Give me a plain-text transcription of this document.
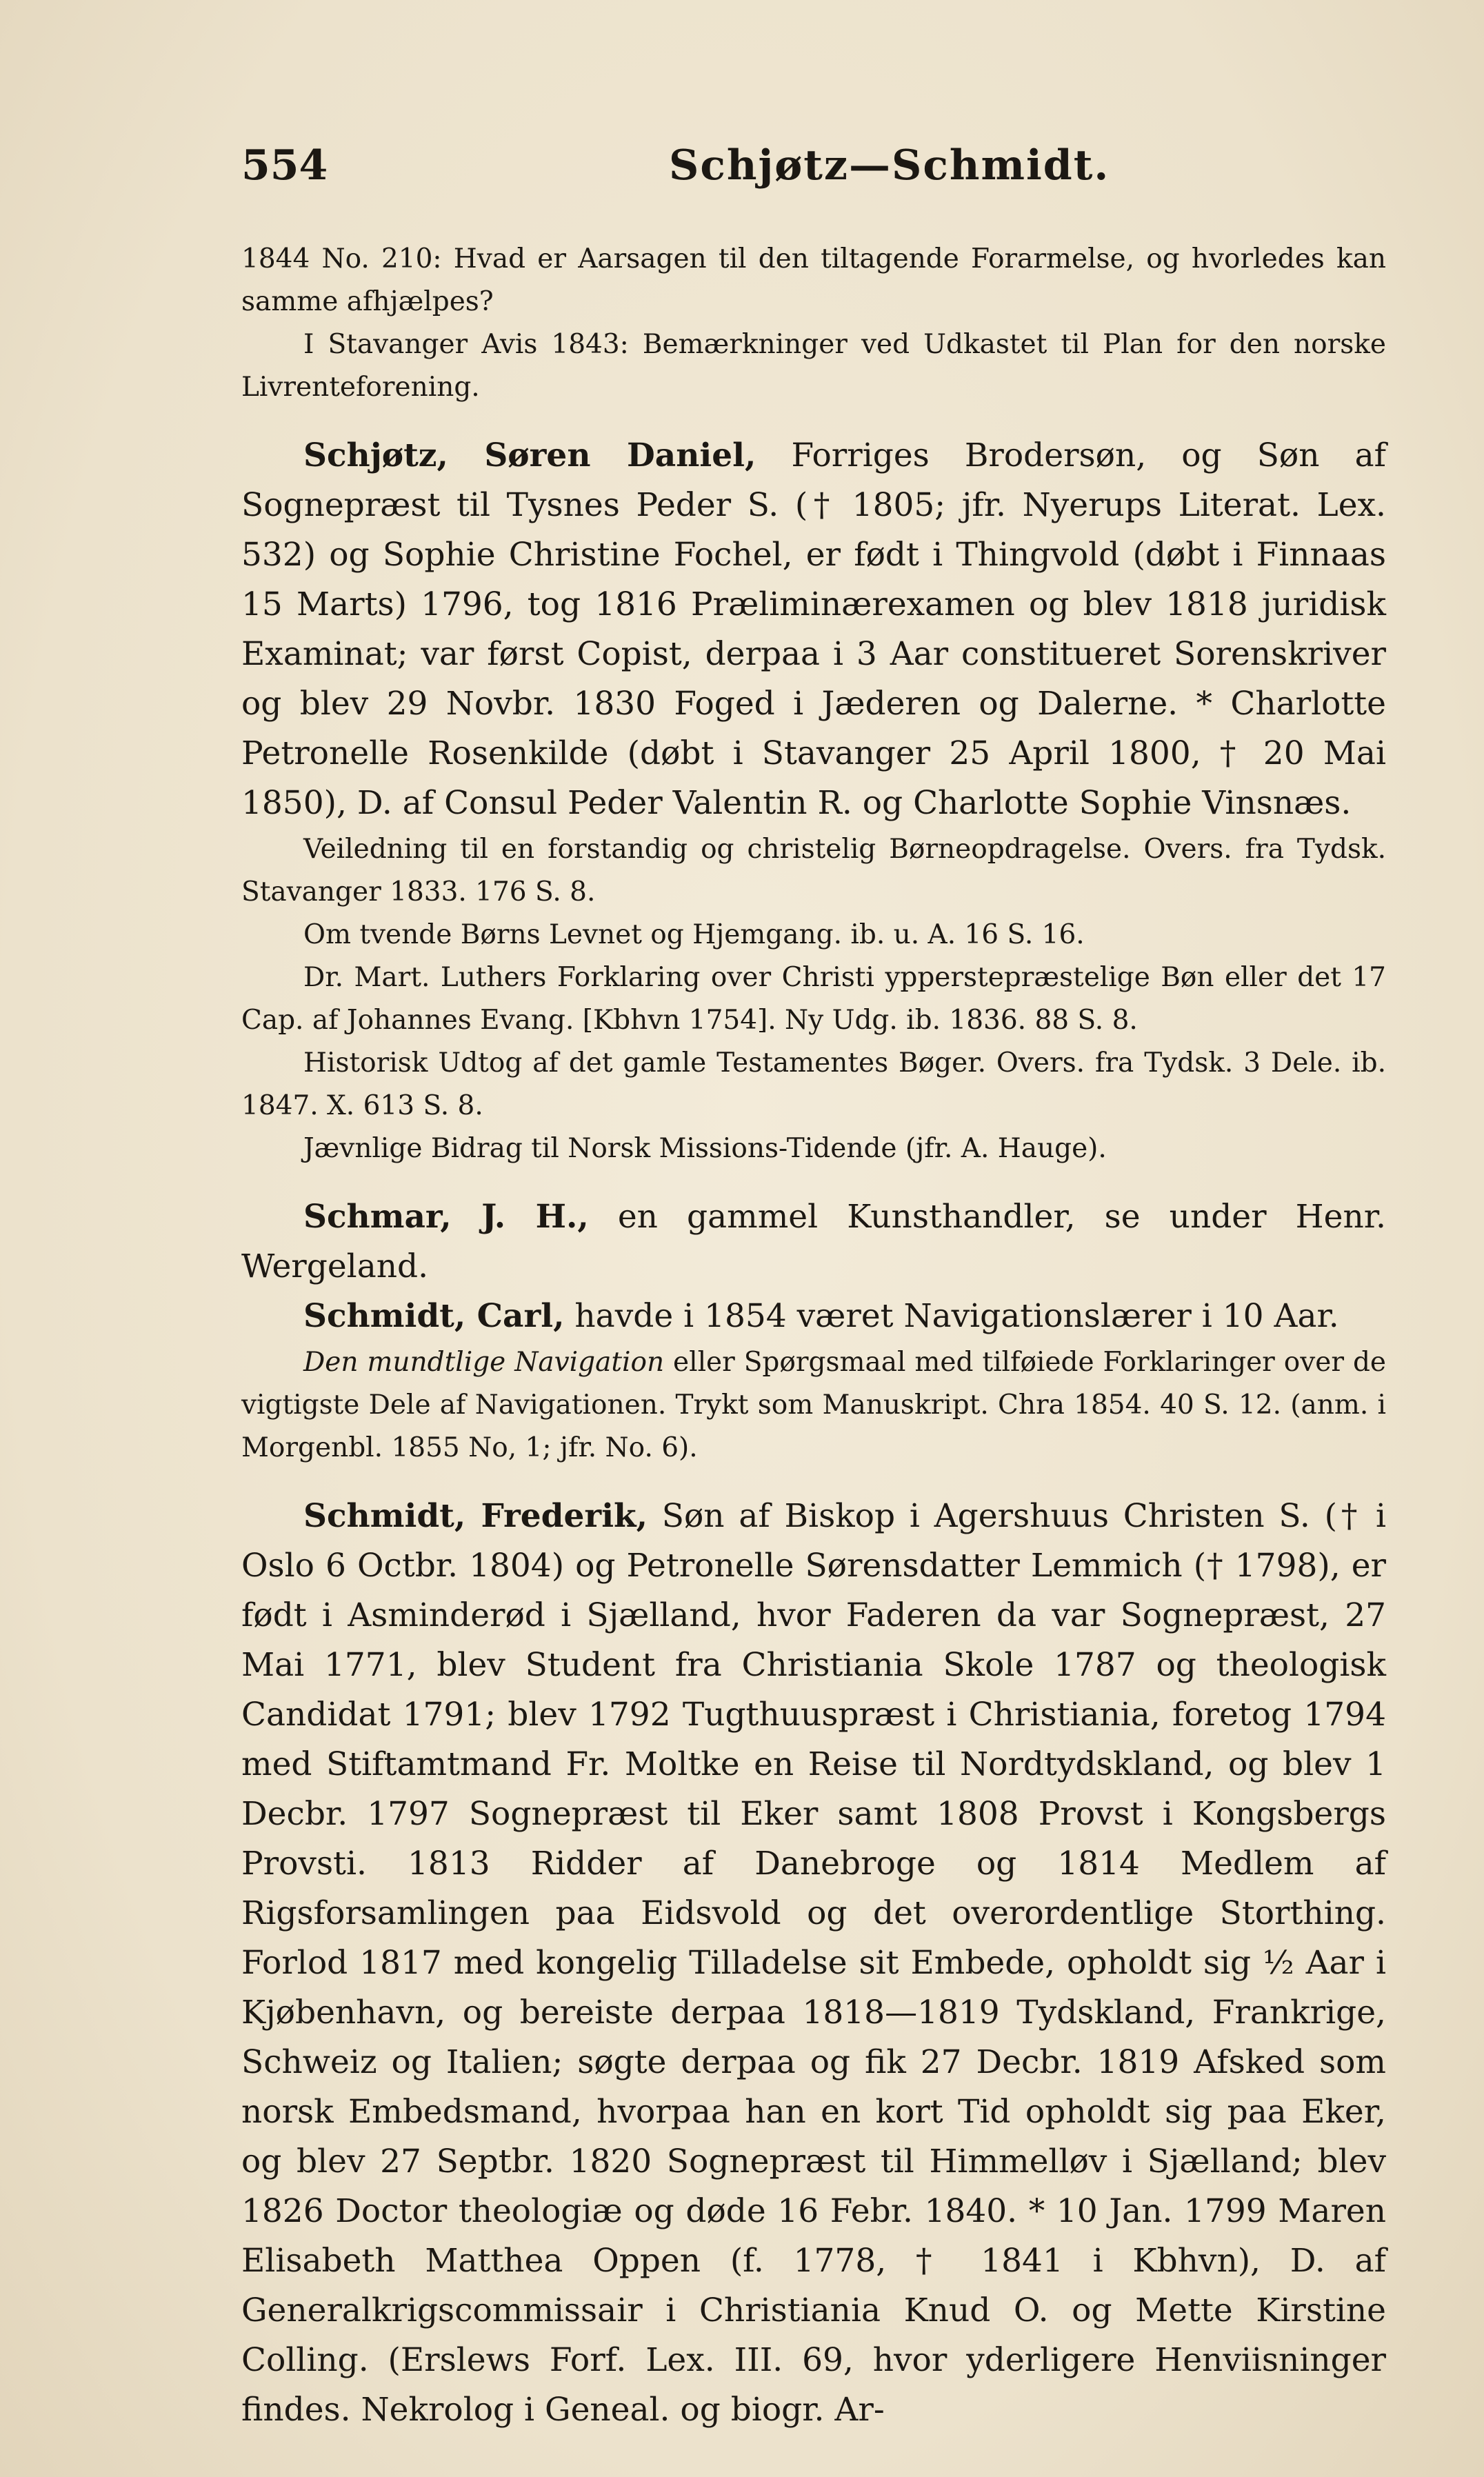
554	Schjøtz—Schmidt.

1844 No. 210: Hvad er Aarsagen til den tiltagende Forarmelse, og hvorledes kan samme afhjælpes?

I Stavanger Avis 1843: Bemærkninger ved Udkastet til Plan for den norske Livrenteforening.

Schjøtz, Søren Daniel, Forriges Brodersøn, og Søn af Sognepræst til Tysnes Peder S. († 1805; jfr. Nyerups Literat. Lex. 532) og Sophie Christine Fochel, er født i Thingvold (døbt i Finnaas 15 Marts) 1796, tog 1816 Præliminærexamen og blev 1818 juridisk Examinat; var først Copist, derpaa i 3 Aar constitueret Sorenskriver og blev 29 Novbr. 1830 Foged i Jæderen og Dalerne. * Charlotte Petronelle Rosenkilde (døbt i Stavanger 25 April 1800, † 20 Mai 1850), D. af Consul Peder Valentin R. og Charlotte Sophie Vinsnæs.

Veiledning til en forstandig og christelig Børneopdragelse. Overs. fra Tydsk. Stavanger 1833. 176 S. 8.

Om tvende Børns Levnet og Hjemgang. ib. u. A. 16 S. 16.

Dr. Mart. Luthers Forklaring over Christi ypperstepræstelige Bøn eller det 17 Cap. af Johannes Evang. [Kbhvn 1754]. Ny Udg. ib. 1836. 88 S. 8.

Historisk Udtog af det gamle Testamentes Bøger. Overs. fra Tydsk. 3 Dele. ib. 1847. X. 613 S. 8.

Jævnlige Bidrag til Norsk Missions-Tidende (jfr. A. Hauge).

Schmar, J. H., en gammel Kunsthandler, se under Henr. Wergeland.

Schmidt, Carl, havde i 1854 været Navigationslærer i 10 Aar.

Den mundtlige Navigation eller Spørgsmaal med tilføiede Forklaringer over de vigtigste Dele af Navigationen. Trykt som Manuskript. Chra 1854. 40 S. 12. (anm. i Morgenbl. 1855 No, 1; jfr. No. 6).

Schmidt, Frederik, Søn af Biskop i Agershuus Christen S. († i Oslo 6 Octbr. 1804) og Petronelle Sørensdatter Lemmich († 1798), er født i Asminderød i Sjælland, hvor Faderen da var Sognepræst, 27 Mai 1771, blev Student fra Christiania Skole 1787 og theologisk Candidat 1791; blev 1792 Tugthuuspræst i Christiania, foretog 1794 med Stiftamtmand Fr. Moltke en Reise til Nordtydskland, og blev 1 Decbr. 1797 Sognepræst til Eker samt 1808 Provst i Kongsbergs Provsti. 1813 Ridder af Danebroge og 1814 Medlem af Rigsforsamlingen paa Eidsvold og det overordentlige Storthing. Forlod 1817 med kongelig Tilladelse sit Embede, opholdt sig ½ Aar i Kjøbenhavn, og bereiste derpaa 1818—1819 Tydskland, Frankrige, Schweiz og Italien; søgte derpaa og fik 27 Decbr. 1819 Afsked som norsk Embedsmand, hvorpaa han en kort Tid opholdt sig paa Eker, og blev 27 Septbr. 1820 Sognepræst til Himmelløv i Sjælland; blev 1826 Doctor theologiæ og døde 16 Febr. 1840. * 10 Jan. 1799 Maren Elisabeth Matthea Oppen (f. 1778, † 1841 i Kbhvn), D. af Generalkrigscommissair i Christiania Knud O. og Mette Kirstine Colling. (Erslews Forf. Lex. III. 69, hvor yderligere Henviisninger findes. Nekrolog i Geneal. og biogr. Ar-
